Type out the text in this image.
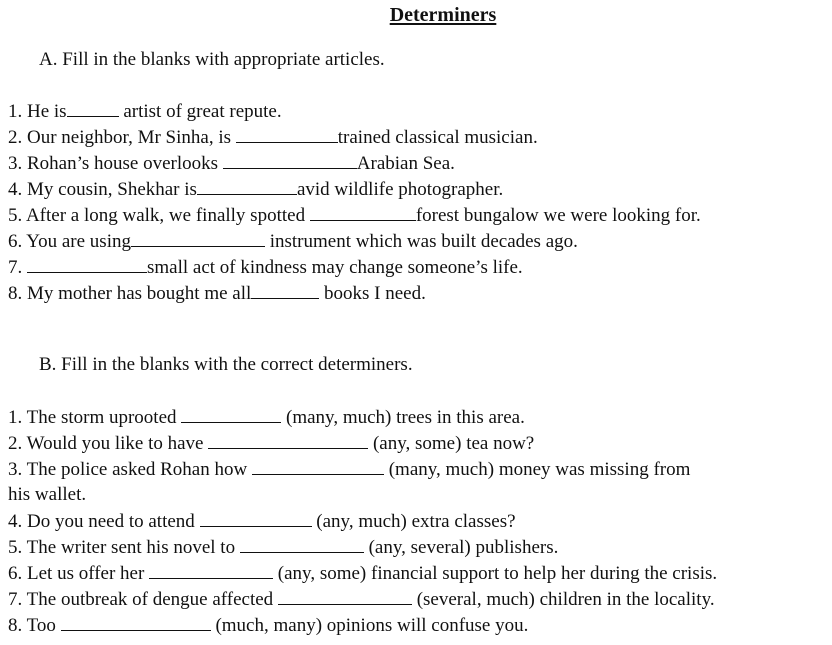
Determiners
A. Fill in the blanks with appropriate articles.
1. He is	artist of great repute.
2. Our neighbor, Mr Sinha, is	trained classical musician.
3. Rohan’s house overlooks	Arabian Sea.
4. My cousin, Shekhar is	avid wildlife photographer.
5. After a long walk, we finally spotted	forest bungalow we were looking for.
6. You are using	instrument which was built decades ago.
7.	small act of kindness may change someone’s life.
8. My mother has bought me all	books I need.
B. Fill in the blanks with the correct determiners.
1. The storm uprooted	(many, much) trees in this area.
2. Would you like to have	(any, some) tea now?
3. The police asked Rohan how	(many, much) money was missing from
his wallet.
4. Do you need to attend	(any, much) extra classes?
5. The writer sent his novel to	(any, several) publishers.
6. Let us offer her	(any, some) financial support to help her during the crisis.
7. The outbreak of dengue affected	(several, much) children in the locality.
8. Too	(much, many) opinions will confuse you.
